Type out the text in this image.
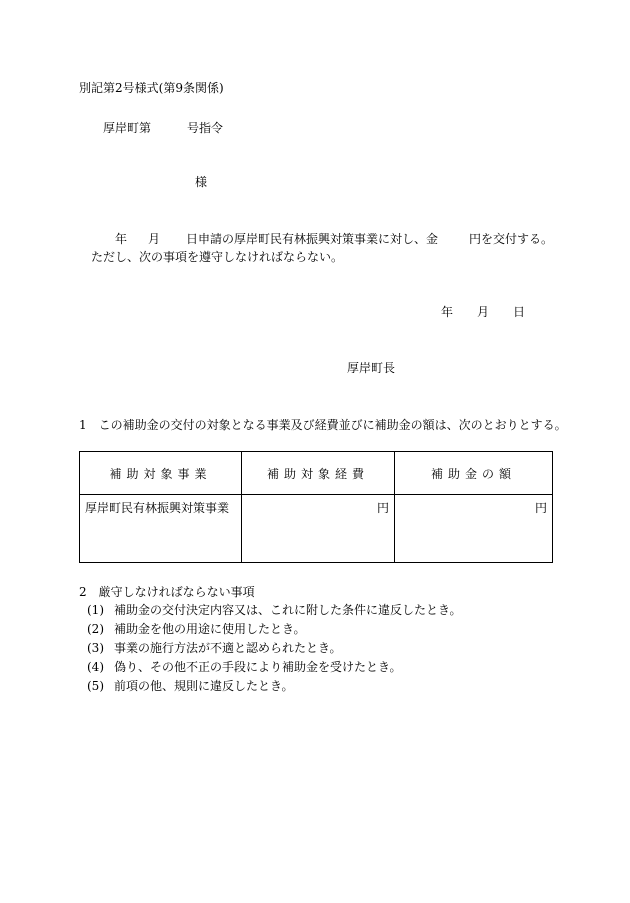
別記第2号様式(第9条関係)
厚岸町第	号指令
様
年 月 日申請の厚岸町民有林振興対策事業に対し、金	円を交付する。
ただし、次の事項を遵守しなければならない。
年 月 日
厚岸町長
1　この補助金の交付の対象となる事業及び経費並びに補助金の額は、次のとおりとする。
補助対象事業	補助対象経費	補助金の額
厚岸町民有林振興対策事業	円	円
2　厳守しなければならない事項
(1) 補助金の交付決定内容又は、これに附した条件に違反したとき。
(2) 補助金を他の用途に使用したとき。
(3) 事業の施行方法が不適と認められたとき。
(4) 偽り、その他不正の手段により補助金を受けたとき。
(5) 前項の他、規則に違反したとき。
